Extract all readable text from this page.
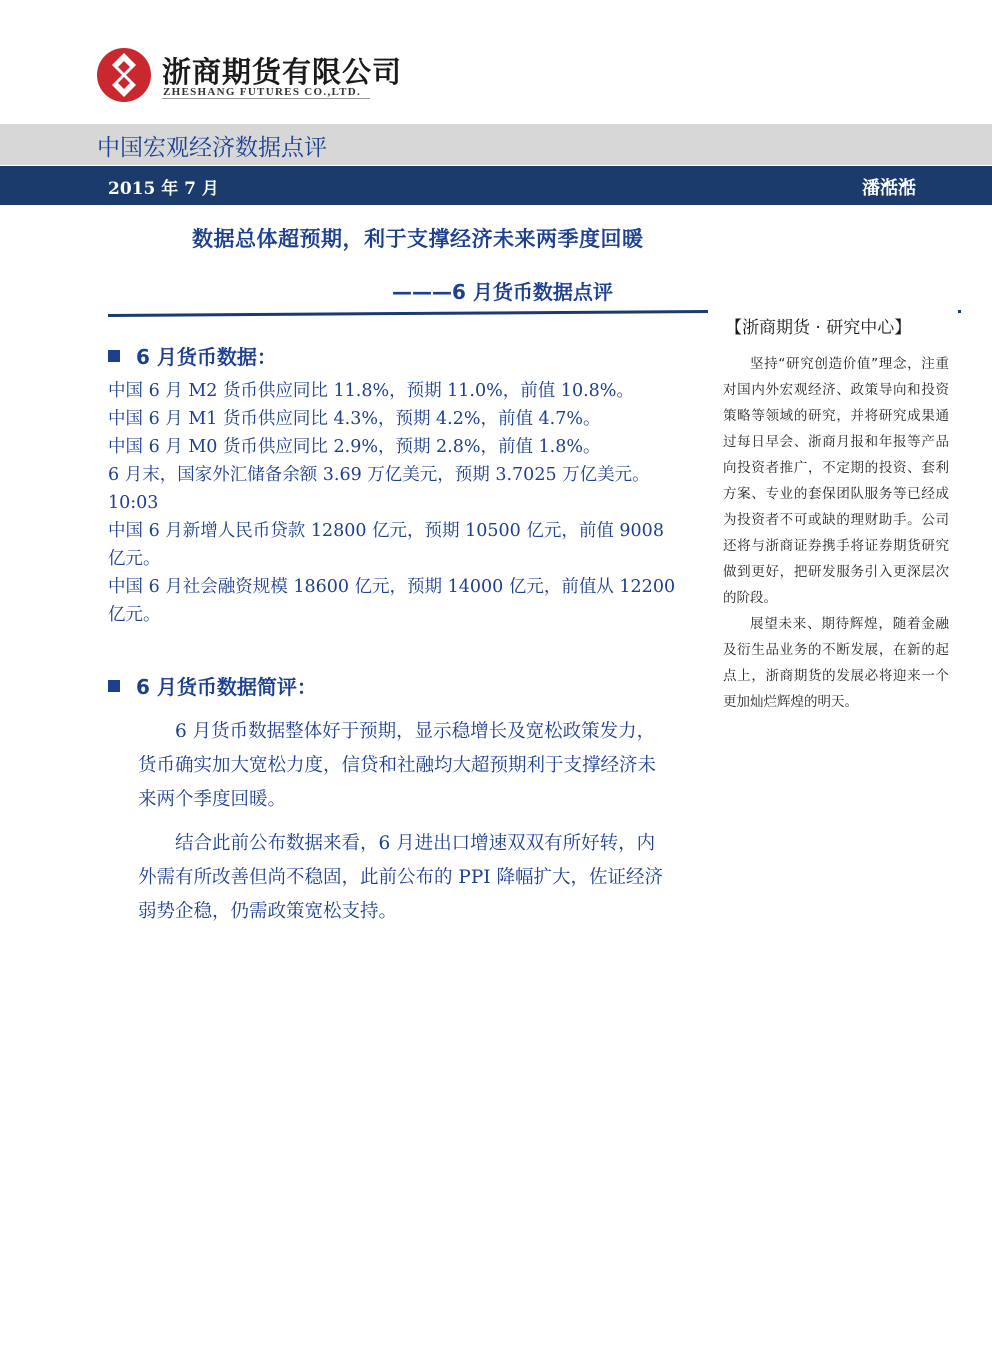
浙商期货有限公司
ZHESHANG FUTURES CO.,LTD.
中国宏观经济数据点评
2015 年 7 月	潘湉湉
数据总体超预期，利于支撑经济未来两季度回暖
———6 月货币数据点评
6 月货币数据：
中国 6 月 M2 货币供应同比 11.8%，预期 11.0%，前值 10.8%。
中国 6 月 M1 货币供应同比 4.3%，预期 4.2%，前值 4.7%。
中国 6 月 M0 货币供应同比 2.9%，预期 2.8%，前值 1.8%。
6 月末，国家外汇储备余额 3.69 万亿美元，预期 3.7025 万亿美元。
10:03
中国 6 月新增人民币贷款 12800 亿元，预期 10500 亿元，前值 9008
亿元。
中国 6 月社会融资规模 18600 亿元，预期 14000 亿元，前值从 12200
亿元。
6 月货币数据简评：

6 月货币数据整体好于预期，显示稳增长及宽松政策发力，货币确实加大宽松力度，信贷和社融均大超预期利于支撑经济未来两个季度回暖。

结合此前公布数据来看，6 月进出口增速双双有所好转，内外需有所改善但尚不稳固，此前公布的 PPI 降幅扩大，佐证经济弱势企稳，仍需政策宽松支持。

【浙商期货 · 研究中心】
坚持“研究创造价值”理念，注重对国内外宏观经济、政策导向和投资策略等领域的研究，并将研究成果通过每日早会、浙商月报和年报等产品向投资者推广，不定期的投资、套利方案、专业的套保团队服务等已经成为投资者不可或缺的理财助手。公司还将与浙商证券携手将证券期货研究做到更好，把研发服务引入更深层次的阶段。
展望未来、期待辉煌，随着金融及衍生品业务的不断发展，在新的起点上，浙商期货的发展必将迎来一个更加灿烂辉煌的明天。
